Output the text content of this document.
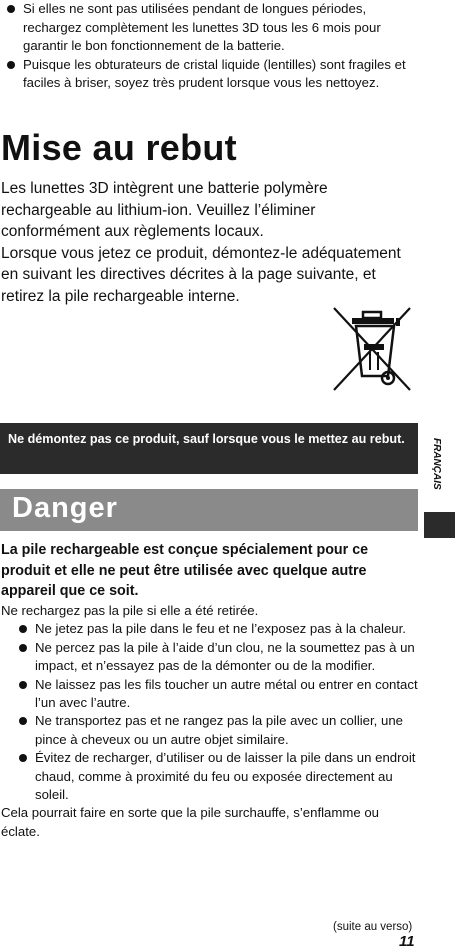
Si elles ne sont pas utilisées pendant de longues périodes, rechargez complètement les lunettes 3D tous les 6 mois pour garantir le bon fonctionnement de la batterie.
Puisque les obturateurs de cristal liquide (lentilles) sont fragiles et faciles à briser, soyez très prudent lorsque vous les nettoyez.
Mise au rebut
Les lunettes 3D intègrent une batterie polymère rechargeable au lithium-ion. Veuillez l’éliminer conformément aux règlements locaux.
Lorsque vous jetez ce produit, démontez-le adéquatement en suivant les directives décrites à la page suivante, et retirez la pile rechargeable interne.
Ne démontez pas ce produit, sauf lorsque vous le mettez au rebut.
Danger
FRANÇAIS
La pile rechargeable est conçue spécialement pour ce produit et elle ne peut être utilisée avec quelque autre appareil que ce soit.
Ne rechargez pas la pile si elle a été retirée.
Ne jetez pas la pile dans le feu et ne l’exposez pas à la chaleur.
Ne percez pas la pile à l’aide d’un clou, ne la soumettez pas à un impact, et n’essayez pas de la démonter ou de la modifier.
Ne laissez pas les fils toucher un autre métal ou entrer en contact l’un avec l’autre.
Ne transportez pas et ne rangez pas la pile avec un collier, une pince à cheveux ou un autre objet similaire.
Évitez de recharger, d’utiliser ou de laisser la pile dans un endroit chaud, comme à proximité du feu ou exposée directement au soleil.
Cela pourrait faire en sorte que la pile surchauffe, s’enflamme ou éclate.
(suite au verso)
11
